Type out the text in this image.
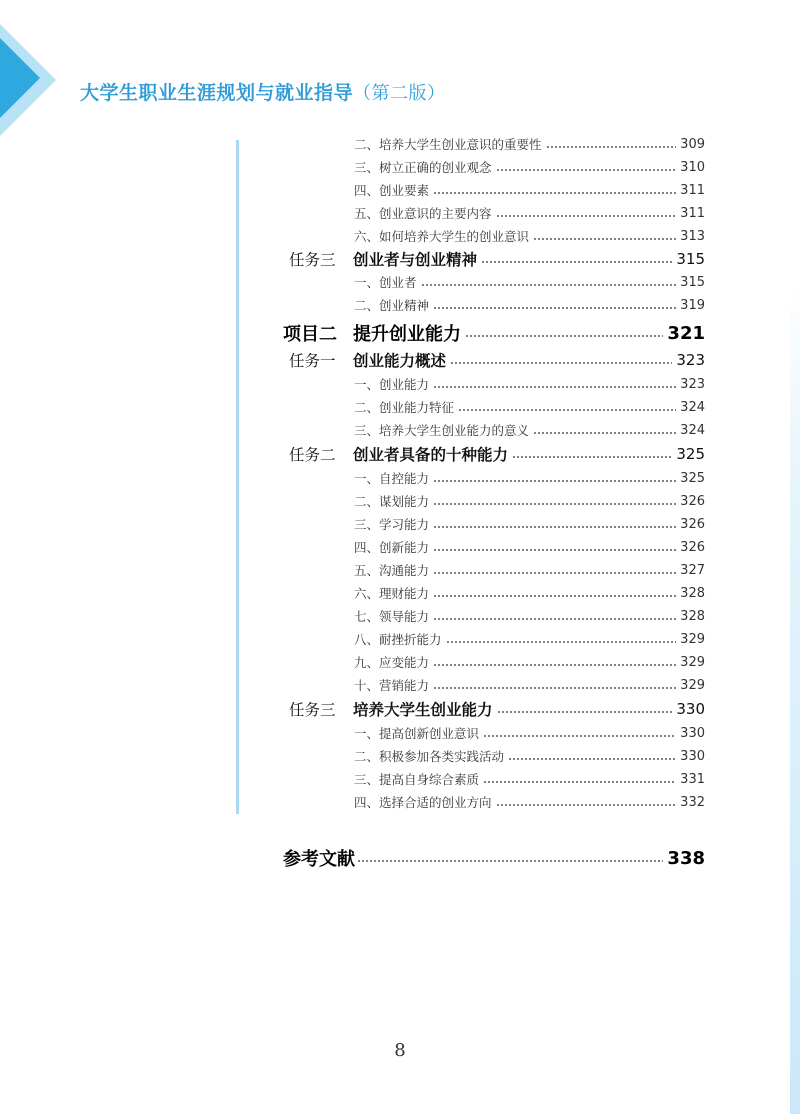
大学生职业生涯规划与就业指导（第二版）
二、培养大学生创业意识的重要性	309
三、树立正确的创业观念	310
四、创业要素	311
五、创业意识的主要内容	311
六、如何培养大学生的创业意识	313
任务三	创业者与创业精神	315
一、创业者	315
二、创业精神	319
项目二 提升创业能力	321
任务一	创业能力概述	323
一、创业能力	323
二、创业能力特征	324
三、培养大学生创业能力的意义	324
任务二	创业者具备的十种能力	325
一、自控能力	325
二、谋划能力	326
三、学习能力	326
四、创新能力	326
五、沟通能力	327
六、理财能力	328
七、领导能力	328
八、耐挫折能力	329
九、应变能力	329
十、营销能力	329
任务三	培养大学生创业能力	330
一、提高创新创业意识	330
二、积极参加各类实践活动	330
三、提高自身综合素质	331
四、选择合适的创业方向	332
参考文献	338
8
